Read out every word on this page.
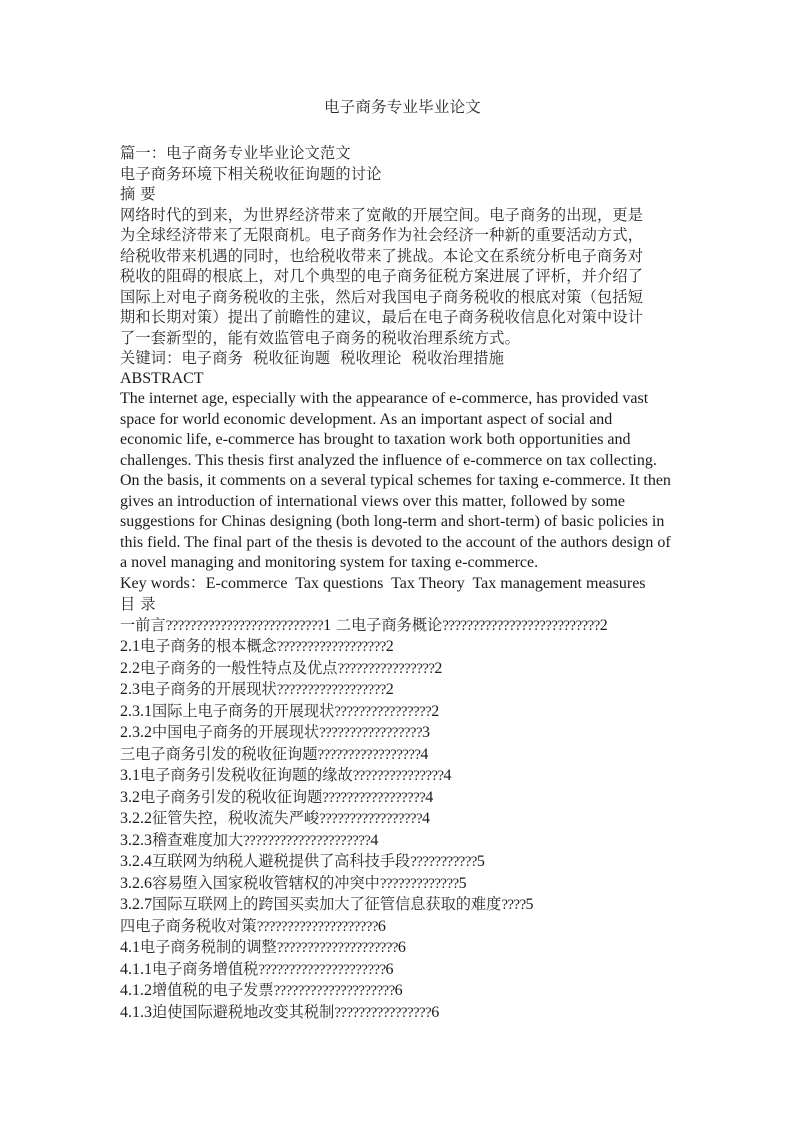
电子商务专业毕业论文

篇一：电子商务专业毕业论文范文

电子商务环境下相关税收征询题的讨论

摘 要

网络时代的到来，为世界经济带来了宽敞的开展空间。电子商务的出现，更是

为全球经济带来了无限商机。电子商务作为社会经济一种新的重要活动方式，

给税收带来机遇的同时，也给税收带来了挑战。本论文在系统分析电子商务对

税收的阻碍的根底上，对几个典型的电子商务征税方案进展了评析，并介绍了

国际上对电子商务税收的主张，然后对我国电子商务税收的根底对策（包括短

期和长期对策）提出了前瞻性的建议，最后在电子商务税收信息化对策中设计

了一套新型的，能有效监管电子商务的税收治理系统方式。

关键词：电子商务  税收征询题  税收理论  税收治理措施

ABSTRACT

The internet age, especially with the appearance of e-commerce, has provided vast

space for world economic development. As an important aspect of social and

economic life, e-commerce has brought to taxation work both opportunities and

challenges. This thesis first analyzed the influence of e-commerce on tax collecting.

On the basis, it comments on a several typical schemes for taxing e-commerce. It then

gives an introduction of international views over this matter, followed by some

suggestions for Chinas designing (both long-term and short-term) of basic policies in

this field. The final part of the thesis is devoted to the account of the authors design of

a novel managing and monitoring system for taxing e-commerce.

Key words：E-commerce  Tax questions  Tax Theory  Tax management measures

目 录

一前言??????????????????????????1 二电子商务概论??????????????????????????2

2.1电子商务的根本概念??????????????????2

2.2电子商务的一般性特点及优点????????????????2

2.3电子商务的开展现状??????????????????2

2.3.1国际上电子商务的开展现状????????????????2

2.3.2中国电子商务的开展现状?????????????????3

三电子商务引发的税收征询题?????????????????4

3.1电子商务引发税收征询题的缘故???????????????4

3.2电子商务引发的税收征询题?????????????????4

3.2.2征管失控，税收流失严峻?????????????????4

3.2.3稽查难度加大?????????????????????4

3.2.4互联网为纳税人避税提供了高科技手段???????????5

3.2.6容易堕入国家税收管辖权的冲突中?????????????5

3.2.7国际互联网上的跨国买卖加大了征管信息获取的难度????5

四电子商务税收对策????????????????????6

4.1电子商务税制的调整????????????????????6

4.1.1电子商务增值税?????????????????????6

4.1.2增值税的电子发票????????????????????6

4.1.3迫使国际避税地改变其税制????????????????6
